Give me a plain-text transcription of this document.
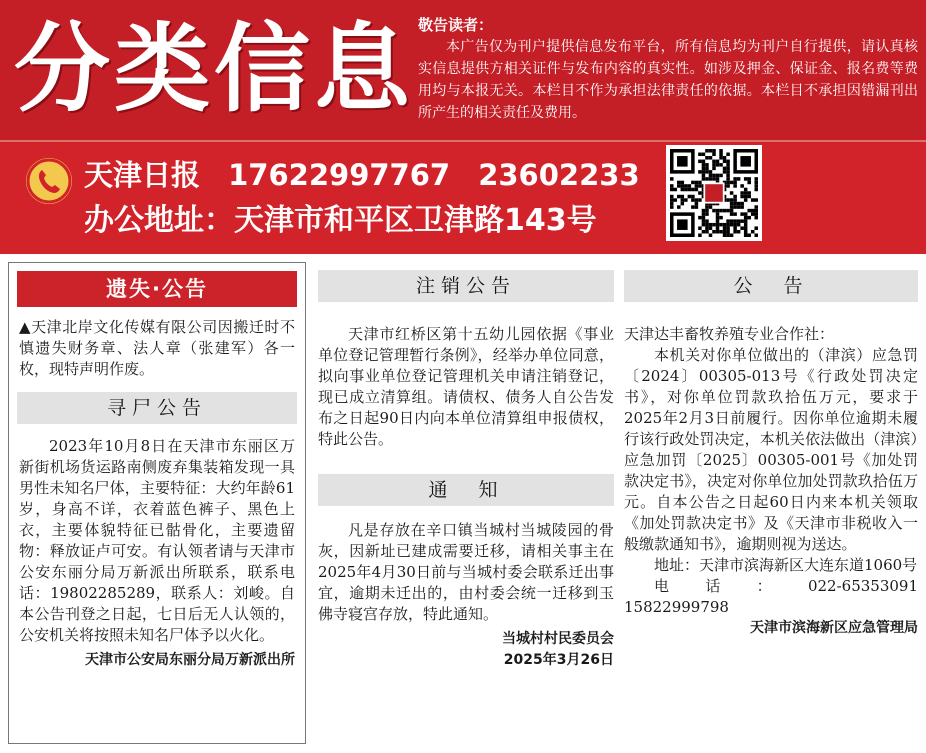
分类信息 敬告读者：
本广告仅为刊户提供信息发布平台，所有信息均为刊户自行提供，请认真核实信息提供方相关证件与发布内容的真实性。如涉及押金、保证金、报名费等费用均与本报无关。本栏目不作为承担法律责任的依据。本栏目不承担因错漏刊出所产生的相关责任及费用。
天津日报 17622997767 23602233
办公地址：天津市和平区卫津路143号
遗失·公告
▲天津北岸文化传媒有限公司因搬迁时不慎遗失财务章、法人章（张建军）各一枚，现特声明作废。
寻尸公告
2023年10月8日在天津市东丽区万新街机场货运路南侧废弃集装箱发现一具男性未知名尸体，主要特征：大约年龄61岁，身高不详，衣着蓝色裤子、黑色上衣，主要体貌特征已骷骨化，主要遗留物：释放证卢可安。有认领者请与天津市公安东丽分局万新派出所联系，联系电话：19802285289，联系人：刘峻。自本公告刊登之日起，七日后无人认领的，公安机关将按照未知名尸体予以火化。
天津市公安局东丽分局万新派出所
注销公告
天津市红桥区第十五幼儿园依据《事业单位登记管理暂行条例》，经举办单位同意，拟向事业单位登记管理机关申请注销登记，现已成立清算组。请债权、债务人自公告发布之日起90日内向本单位清算组申报债权，特此公告。
通　知
凡是存放在辛口镇当城村当城陵园的骨灰，因新址已建成需要迁移，请相关事主在2025年4月30日前与当城村委会联系迁出事宜，逾期未迁出的，由村委会统一迁移到玉佛寺寝宫存放，特此通知。
当城村村民委员会
2025年3月26日
公　告
天津达丰畜牧养殖专业合作社：
本机关对你单位做出的（津滨）应急罚〔2024〕00305-013号《行政处罚决定书》，对你单位罚款玖拾伍万元，要求于2025年2月3日前履行。因你单位逾期未履行该行政处罚决定，本机关依法做出（津滨）应急加罚〔2025〕00305-001号《加处罚款决定书》，决定对你单位加处罚款玖拾伍万元。自本公告之日起60日内来本机关领取《加处罚款决定书》及《天津市非税收入一般缴款通知书》，逾期则视为送达。
地址：天津市滨海新区大连东道1060号
电话：022-65353091 15822999798
天津市滨海新区应急管理局
